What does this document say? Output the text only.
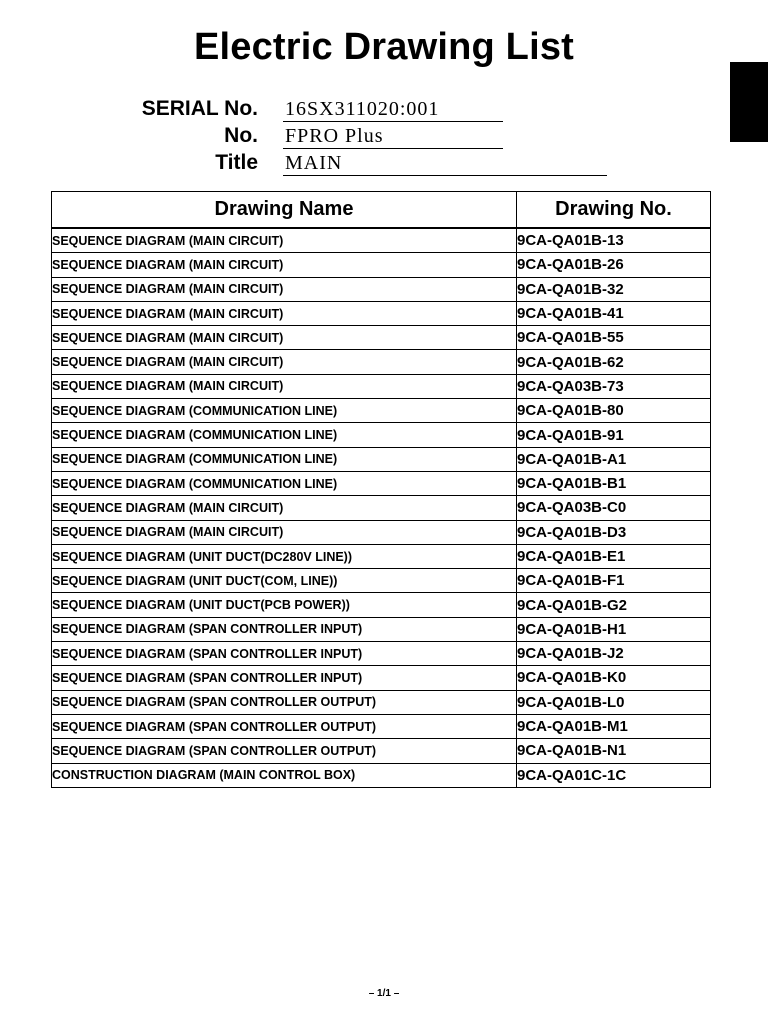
Electric Drawing List
SERIAL No. 16SX311020:001
No. FPRO Plus
Title MAIN
Drawing Name	Drawing No.
SEQUENCE DIAGRAM (MAIN CIRCUIT)	9CA-QA01B-13
SEQUENCE DIAGRAM (MAIN CIRCUIT)	9CA-QA01B-26
SEQUENCE DIAGRAM (MAIN CIRCUIT)	9CA-QA01B-32
SEQUENCE DIAGRAM (MAIN CIRCUIT)	9CA-QA01B-41
SEQUENCE DIAGRAM (MAIN CIRCUIT)	9CA-QA01B-55
SEQUENCE DIAGRAM (MAIN CIRCUIT)	9CA-QA01B-62
SEQUENCE DIAGRAM (MAIN CIRCUIT)	9CA-QA03B-73
SEQUENCE DIAGRAM (COMMUNICATION LINE)	9CA-QA01B-80
SEQUENCE DIAGRAM (COMMUNICATION LINE)	9CA-QA01B-91
SEQUENCE DIAGRAM (COMMUNICATION LINE)	9CA-QA01B-A1
SEQUENCE DIAGRAM (COMMUNICATION LINE)	9CA-QA01B-B1
SEQUENCE DIAGRAM (MAIN CIRCUIT)	9CA-QA03B-C0
SEQUENCE DIAGRAM (MAIN CIRCUIT)	9CA-QA01B-D3
SEQUENCE DIAGRAM (UNIT DUCT(DC280V LINE))	9CA-QA01B-E1
SEQUENCE DIAGRAM (UNIT DUCT(COM, LINE))	9CA-QA01B-F1
SEQUENCE DIAGRAM (UNIT DUCT(PCB POWER))	9CA-QA01B-G2
SEQUENCE DIAGRAM (SPAN CONTROLLER INPUT)	9CA-QA01B-H1
SEQUENCE DIAGRAM (SPAN CONTROLLER INPUT)	9CA-QA01B-J2
SEQUENCE DIAGRAM (SPAN CONTROLLER INPUT)	9CA-QA01B-K0
SEQUENCE DIAGRAM (SPAN CONTROLLER OUTPUT)	9CA-QA01B-L0
SEQUENCE DIAGRAM (SPAN CONTROLLER OUTPUT)	9CA-QA01B-M1
SEQUENCE DIAGRAM (SPAN CONTROLLER OUTPUT)	9CA-QA01B-N1
CONSTRUCTION DIAGRAM (MAIN CONTROL BOX)	9CA-QA01C-1C
– 1/1 –
